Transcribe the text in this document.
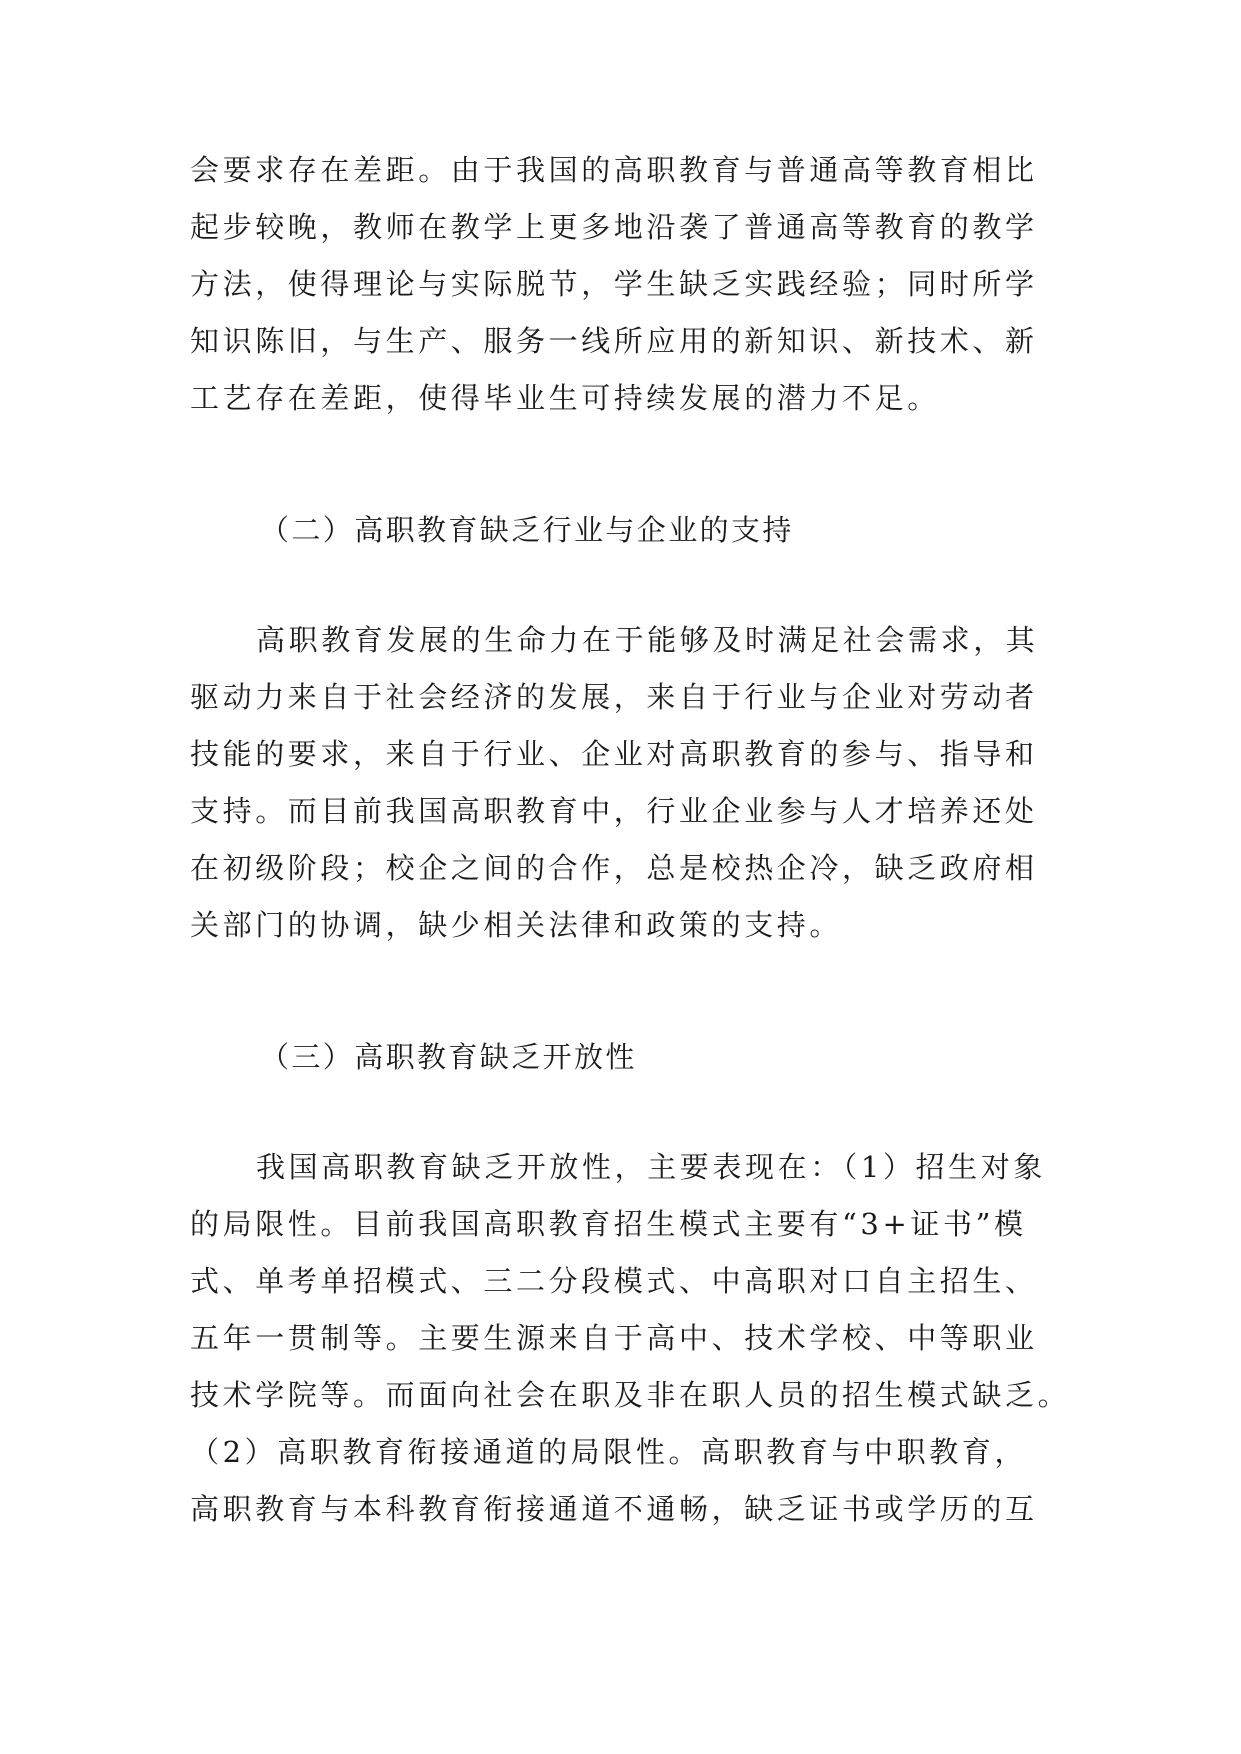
会要求存在差距。由于我国的高职教育与普通高等教育相比

起步较晚，教师在教学上更多地沿袭了普通高等教育的教学

方法，使得理论与实际脱节，学生缺乏实践经验；同时所学

知识陈旧，与生产、服务一线所应用的新知识、新技术、新

工艺存在差距，使得毕业生可持续发展的潜力不足。

（二）高职教育缺乏行业与企业的支持

高职教育发展的生命力在于能够及时满足社会需求，其

驱动力来自于社会经济的发展，来自于行业与企业对劳动者

技能的要求，来自于行业、企业对高职教育的参与、指导和

支持。而目前我国高职教育中，行业企业参与人才培养还处

在初级阶段；校企之间的合作，总是校热企冷，缺乏政府相

关部门的协调，缺少相关法律和政策的支持。

（三）高职教育缺乏开放性

我国高职教育缺乏开放性，主要表现在：（1）招生对象

的局限性。目前我国高职教育招生模式主要有“3+证书”模

式、单考单招模式、三二分段模式、中高职对口自主招生、

五年一贯制等。主要生源来自于高中、技术学校、中等职业

技术学院等。而面向社会在职及非在职人员的招生模式缺乏。

（2）高职教育衔接通道的局限性。高职教育与中职教育，

高职教育与本科教育衔接通道不通畅，缺乏证书或学历的互
